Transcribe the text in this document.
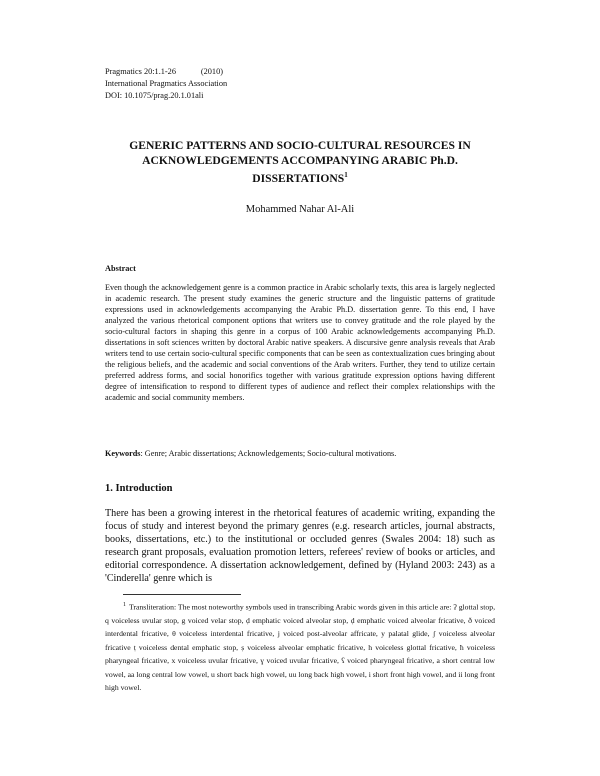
Pragmatics 20:1.1-26	(2010)
International Pragmatics Association
DOI: 10.1075/prag.20.1.01ali
GENERIC PATTERNS AND SOCIO-CULTURAL RESOURCES IN ACKNOWLEDGEMENTS ACCOMPANYING ARABIC Ph.D. DISSERTATIONS$^1$
Mohammed Nahar Al-Ali
Abstract
Even though the acknowledgement genre is a common practice in Arabic scholarly texts, this area is largely neglected in academic research. The present study examines the generic structure and the linguistic patterns of gratitude expressions used in acknowledgements accompanying the Arabic Ph.D. dissertation genre. To this end, I have analyzed the various rhetorical component options that writers use to convey gratitude and the role played by the socio-cultural factors in shaping this genre in a corpus of 100 Arabic acknowledgements accompanying Ph.D. dissertations in soft sciences written by doctoral Arabic native speakers. A discursive genre analysis reveals that Arab writers tend to use certain socio-cultural specific components that can be seen as contextualization cues bringing about the religious beliefs, and the academic and social conventions of the Arab writers. Further, they tend to utilize certain preferred address forms, and social honorifics together with various gratitude expression options having different degree of intensification to respond to different types of audience and reflect their complex relationships with the academic and social community members.
Keywords: Genre; Arabic dissertations; Acknowledgements; Socio-cultural motivations.
1. Introduction
There has been a growing interest in the rhetorical features of academic writing, expanding the focus of study and interest beyond the primary genres (e.g. research articles, journal abstracts, books, dissertations, etc.) to the institutional or occluded genres (Swales 2004: 18) such as research grant proposals, evaluation promotion letters, referees' review of books or articles, and editorial correspondence. A dissertation acknowledgement, defined by (Hyland 2003: 243) as a 'Cinderella' genre which is
$^1$ Transliteration: The most noteworthy symbols used in transcribing Arabic words given in this article are: ʔ glottal stop, q voiceless uvular stop, g voiced velar stop, ḍ emphatic voiced alveolar stop, ḍ emphatic voiced alveolar fricative, ð voiced interdental fricative, θ voiceless interdental fricative, j voiced post-alveolar affricate, y palatal glide, ʃ voiceless alveolar fricative ṭ voiceless dental emphatic stop, ṣ voiceless alveolar emphatic fricative, h voiceless glottal fricative, ħ voiceless pharyngeal fricative, x voiceless uvular fricative, ɣ voiced uvular fricative, ʕ voiced pharyngeal fricative, a short central low vowel, aa long central low vowel, u short back high vowel, uu long back high vowel, i short front high vowel, and ii long front high vowel.
